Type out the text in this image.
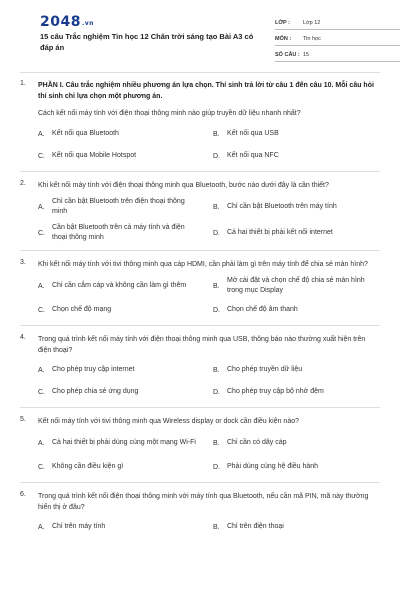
2048.vn
15 câu Trắc nghiệm Tin học 12 Chân trời sáng tạo Bài A3 có đáp án
LỚP :	Lớp 12
MÔN :	Tin học
SỐ CÂU : 15
1. PHẦN I. Câu trắc nghiệm nhiều phương án lựa chọn. Thí sinh trả lời từ câu 1 đến câu 10. Mỗi câu hỏi thí sinh chỉ lựa chọn một phương án.
Cách kết nối máy tính với điện thoại thông minh nào giúp truyền dữ liệu nhanh nhất?
A.	Kết nối qua Bluetooth	B.	Kết nối qua USB
C.	Kết nối qua Mobile Hotspot	D.	Kết nối qua NFC
2. Khi kết nối máy tính với điện thoại thông minh qua Bluetooth, bước nào dưới đây là cần thiết?
A.
Chỉ cần bật Bluetooth trên điện thoại thông minh
B.	Chỉ cần bật Bluetooth trên máy tính
C.
Cần bật Bluetooth trên cả máy tính và điện thoại thông minh
D.	Cả hai thiết bị phải kết nối internet
3. Khi kết nối máy tính với tivi thông minh qua cáp HDMI, cần phải làm gì trên máy tính để chia sẻ màn hình?
A.	Chỉ cần cắm cáp và không cần làm gì thêm	B.
Mở cài đặt và chọn chế độ chia sẻ màn hình trong mục Display
C.	Chọn chế độ mạng	D.	Chọn chế độ âm thanh
4. Trong quá trình kết nối máy tính với điện thoại thông minh qua USB, thông báo nào thường xuất hiện trên điện thoại?
A.	Cho phép truy cập internet	B.	Cho phép truyền dữ liệu
C.	Cho phép chia sẻ ứng dụng	D.	Cho phép truy cập bộ nhớ đệm
5. Kết nối máy tính với tivi thông minh qua Wireless display or dock cần điều kiện nào?
A.	Cả hai thiết bị phải dùng cùng một mạng Wi-Fi	B.	Chỉ cần có dây cáp
C.	Không cần điều kiện gì	D.	Phải dùng cùng hệ điều hành
6. Trong quá trình kết nối điện thoại thông minh với máy tính qua Bluetooth, nếu cần mã PIN, mã này thường hiển thị ở đâu?
A.	Chỉ trên máy tính	B.	Chỉ trên điện thoại
